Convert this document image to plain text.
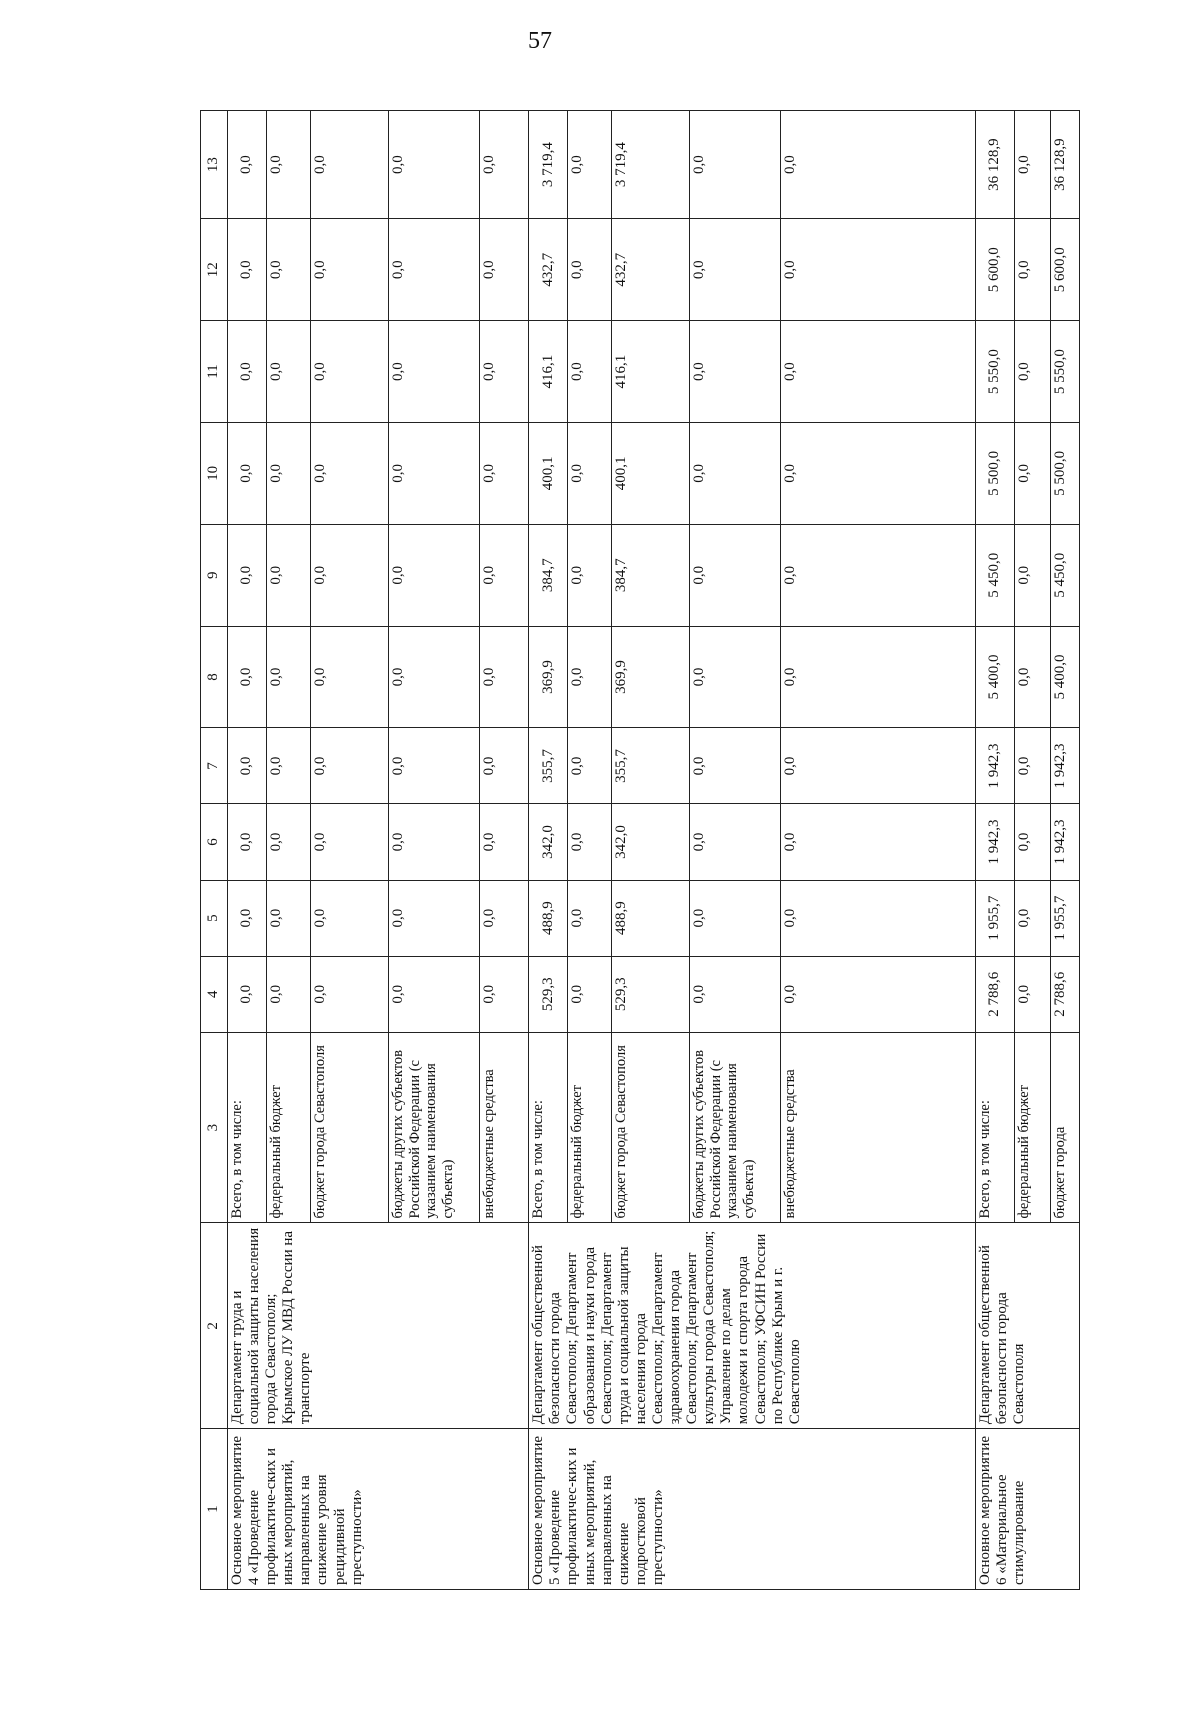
57
1	2	3	4	5	6	7	8	9	10	11	12	13
Основное мероприятие 4 «Проведение профилактиче-ских и иных мероприятий, направленных на снижение уровня рецидивной преступности»	Департамент труда и социальной защиты населения города Севастополя; Крымское ЛУ МВД России на транспорте	Всего, в том числе:	0,0	0,0	0,0	0,0	0,0	0,0	0,0	0,0	0,0	0,0
		федеральный бюджет	0,0	0,0	0,0	0,0	0,0	0,0	0,0	0,0	0,0	0,0
		бюджет города Севастополя	0,0	0,0	0,0	0,0	0,0	0,0	0,0	0,0	0,0	0,0
		бюджеты других субъектов Российской Федерации (с указанием наименования субъекта)	0,0	0,0	0,0	0,0	0,0	0,0	0,0	0,0	0,0	0,0
		внебюджетные средства	0,0	0,0	0,0	0,0	0,0	0,0	0,0	0,0	0,0	0,0
Основное мероприятие 5 «Проведение профилактичес-ких и иных мероприятий, направленных на снижение подростковой преступности»	Департамент общественной безопасности города Севастополя; Департамент образования и науки города Севастополя; Департамент труда и социальной защиты населения города Севастополя; Департамент здравоохранения города Севастополя; Департамент культуры города Севастополя; Управление по делам молодежи и спорта города Севастополя; УФСИН России по Республике Крым и г. Севастополю	Всего, в том числе:	529,3	488,9	342,0	355,7	369,9	384,7	400,1	416,1	432,7	3 719,4
		федеральный бюджет	0,0	0,0	0,0	0,0	0,0	0,0	0,0	0,0	0,0	0,0
		бюджет города Севастополя	529,3	488,9	342,0	355,7	369,9	384,7	400,1	416,1	432,7	3 719,4
		бюджеты других субъектов Российской Федерации (с указанием наименования субъекта)	0,0	0,0	0,0	0,0	0,0	0,0	0,0	0,0	0,0	0,0
		внебюджетные средства	0,0	0,0	0,0	0,0	0,0	0,0	0,0	0,0	0,0	0,0
Основное мероприятие 6 «Материальное стимулирование	Департамент общественной безопасности города Севастополя	Всего, в том числе:	2 788,6	1 955,7	1 942,3	1 942,3	5 400,0	5 450,0	5 500,0	5 550,0	5 600,0	36 128,9
		федеральный бюджет	0,0	0,0	0,0	0,0	0,0	0,0	0,0	0,0	0,0	0,0
		бюджет города	2 788,6	1 955,7	1 942,3	1 942,3	5 400,0	5 450,0	5 500,0	5 550,0	5 600,0	36 128,9
